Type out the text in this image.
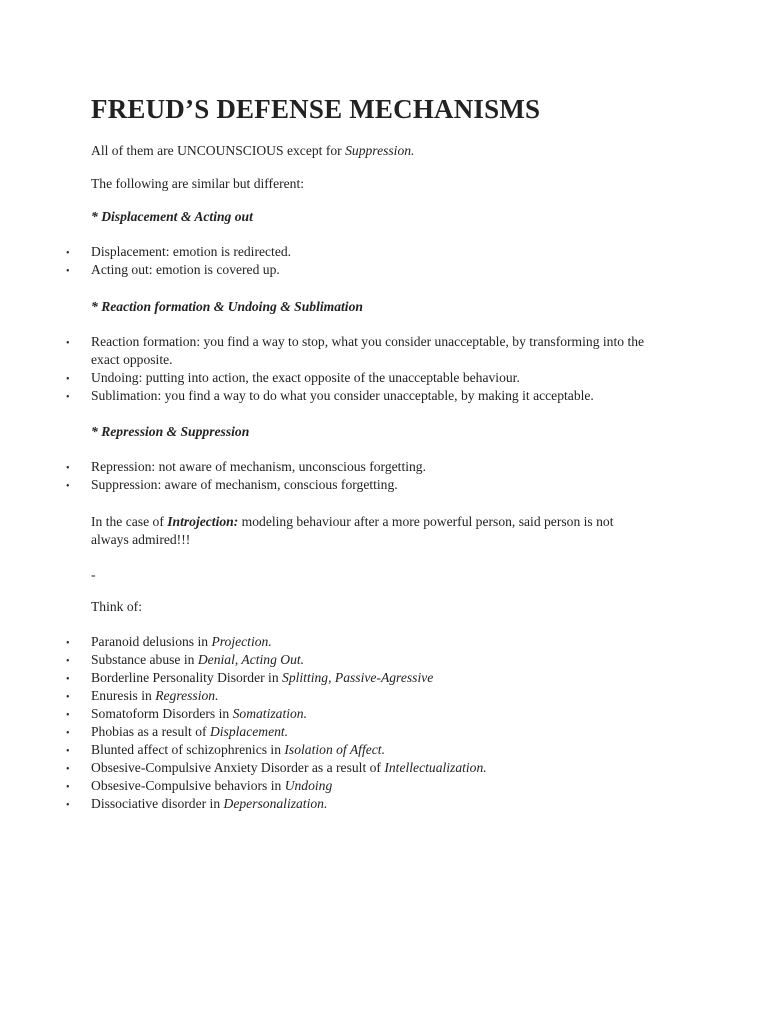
FREUD’S DEFENSE MECHANISMS
All of them are UNCOUNSCIOUS except for Suppression.
The following are similar but different:
* Displacement & Acting out
• Displacement: emotion is redirected.
• Acting out: emotion is covered up.
* Reaction formation & Undoing & Sublimation
• Reaction formation: you find a way to stop, what you consider unacceptable, by transforming into the exact opposite.
• Undoing: putting into action, the exact opposite of the unacceptable behaviour.
• Sublimation: you find a way to do what you consider unacceptable, by making it acceptable.
* Repression & Suppression
• Repression: not aware of mechanism, unconscious forgetting.
• Suppression: aware of mechanism, conscious forgetting.
In the case of Introjection: modeling behaviour after a more powerful person, said person is not
always admired!!!
-
Think of:
• Paranoid delusions in Projection.
• Substance abuse in Denial, Acting Out.
• Borderline Personality Disorder in Splitting, Passive-Agressive
• Enuresis in Regression.
• Somatoform Disorders in Somatization.
• Phobias as a result of Displacement.
• Blunted affect of schizophrenics in Isolation of Affect.
• Obsesive-Compulsive Anxiety Disorder as a result of Intellectualization.
• Obsesive-Compulsive behaviors in Undoing
• Dissociative disorder in Depersonalization.
